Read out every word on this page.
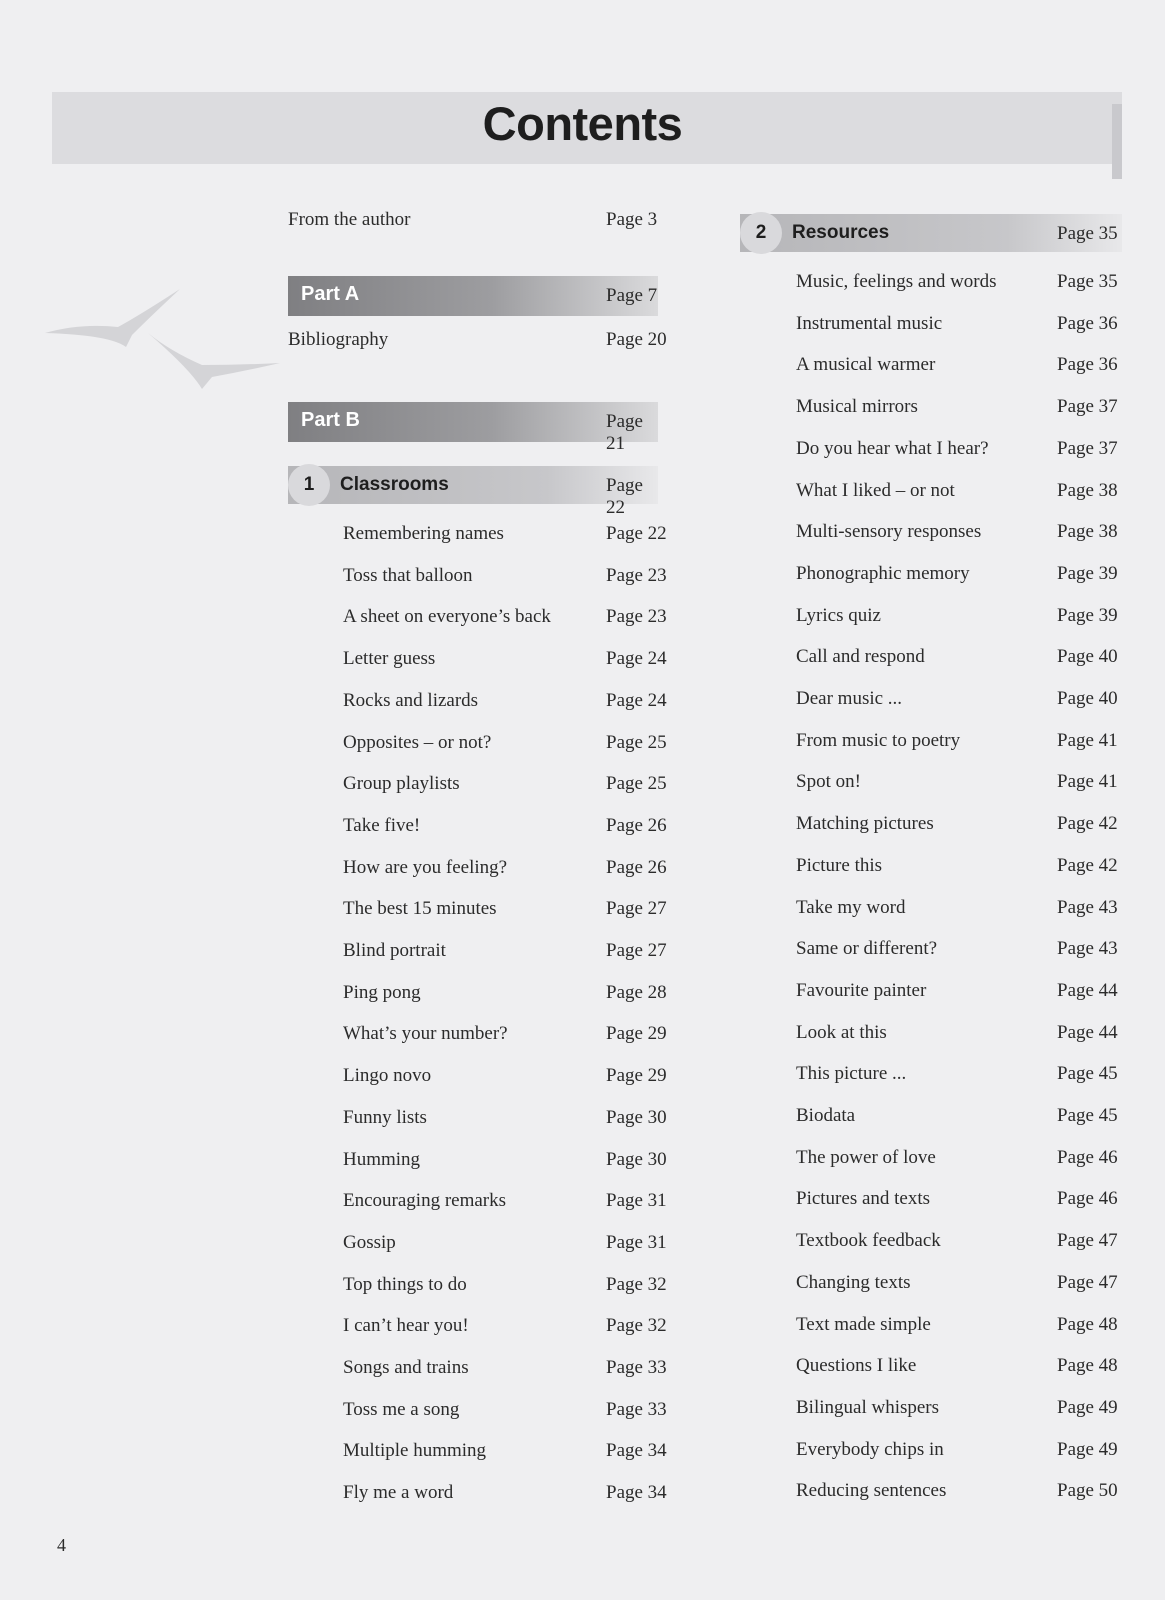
Contents
4
From the author	Page 3
Part A	Page 7
Bibliography	Page 20
Part B	Page 21
1	Classrooms	Page 22
Remembering names	Page 22
Toss that balloon	Page 23
A sheet on everyone’s back	Page 23
Letter guess	Page 24
Rocks and lizards	Page 24
Opposites – or not?	Page 25
Group playlists	Page 25
Take five!	Page 26
How are you feeling?	Page 26
The best 15 minutes	Page 27
Blind portrait	Page 27
Ping pong	Page 28
What’s your number?	Page 29
Lingo novo	Page 29
Funny lists	Page 30
Humming	Page 30
Encouraging remarks	Page 31
Gossip	Page 31
Top things to do	Page 32
I can’t hear you!	Page 32
Songs and trains	Page 33
Toss me a song	Page 33
Multiple humming	Page 34
Fly me a word	Page 34
2	Resources	Page 35
Music, feelings and words	Page 35
Instrumental music	Page 36
A musical warmer	Page 36
Musical mirrors	Page 37
Do you hear what I hear?	Page 37
What I liked – or not	Page 38
Multi-sensory responses	Page 38
Phonographic memory	Page 39
Lyrics quiz	Page 39
Call and respond	Page 40
Dear music ...	Page 40
From music to poetry	Page 41
Spot on!	Page 41
Matching pictures	Page 42
Picture this	Page 42
Take my word	Page 43
Same or different?	Page 43
Favourite painter	Page 44
Look at this	Page 44
This picture ...	Page 45
Biodata	Page 45
The power of love	Page 46
Pictures and texts	Page 46
Textbook feedback	Page 47
Changing texts	Page 47
Text made simple	Page 48
Questions I like	Page 48
Bilingual whispers	Page 49
Everybody chips in	Page 49
Reducing sentences	Page 50
